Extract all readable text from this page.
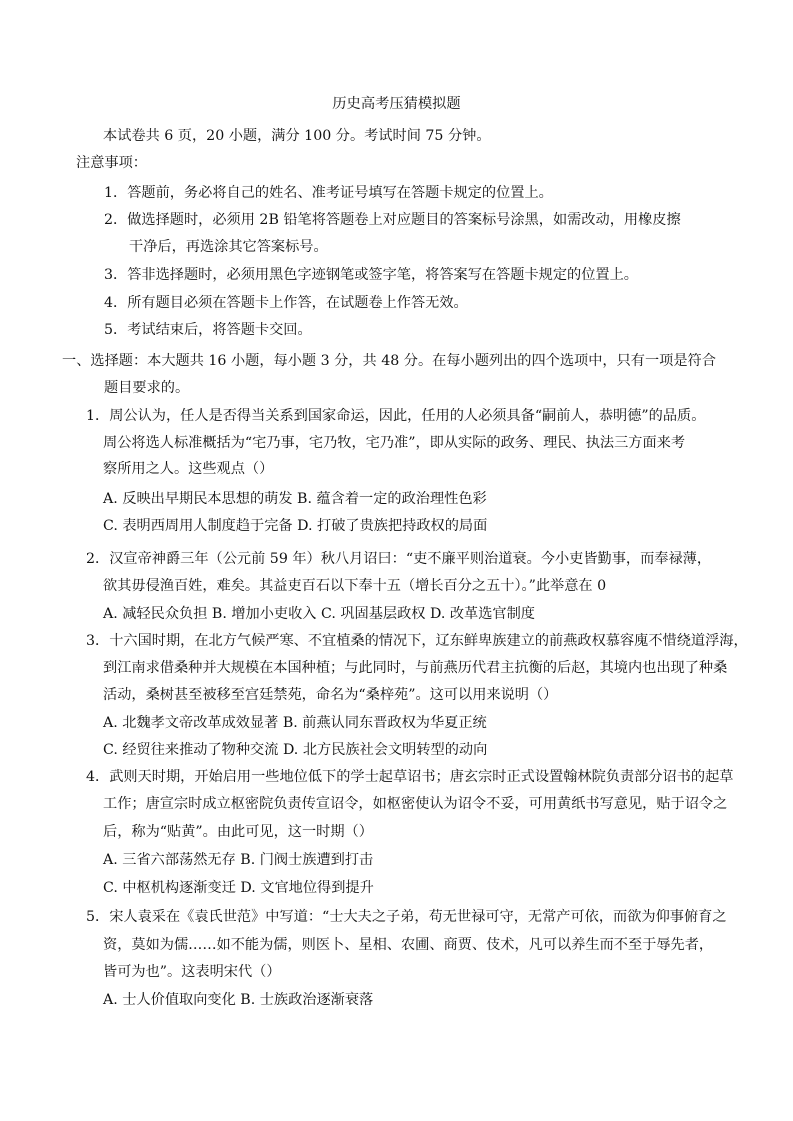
历史高考压猜模拟题
本试卷共 6 页，20 小题，满分 100 分。考试时间 75 分钟。
注意事项：
1．答题前，务必将自己的姓名、准考证号填写在答题卡规定的位置上。
2．做选择题时，必须用 2B 铅笔将答题卷上对应题目的答案标号涂黑，如需改动，用橡皮擦
干净后，再选涂其它答案标号。
3．答非选择题时，必须用黑色字迹钢笔或签字笔，将答案写在答题卡规定的位置上。
4．所有题目必须在答题卡上作答，在试题卷上作答无效。
5．考试结束后，将答题卡交回。
一、选择题：本大题共 16 小题，每小题 3 分，共 48 分。在每小题列出的四个选项中，只有一项是符合
题目要求的。
1．周公认为，任人是否得当关系到国家命运，因此，任用的人必须具备“嗣前人，恭明德”的品质。
周公将选人标准概括为“宅乃事，宅乃牧，宅乃准”，即从实际的政务、理民、执法三方面来考
察所用之人。这些观点（）
A. 反映出早期民本思想的萌发 B. 蕴含着一定的政治理性色彩
C. 表明西周用人制度趋于完备 D. 打破了贵族把持政权的局面
2．汉宣帝神爵三年（公元前 59 年）秋八月诏曰：“吏不廉平则治道衰。今小吏皆勤事，而奉禄薄，
欲其毋侵渔百姓，难矣。其益吏百石以下奉十五（增长百分之五十）。”此举意在 0
A. 减轻民众负担 B. 增加小吏收入 C. 巩固基层政权 D. 改革选官制度
3．十六国时期，在北方气候严寒、不宜植桑的情况下，辽东鲜卑族建立的前燕政权慕容廆不惜绕道浮海，
到江南求借桑种并大规模在本国种植；与此同时，与前燕历代君主抗衡的后赵，其境内也出现了种桑
活动，桑树甚至被移至宫廷禁苑，命名为“桑梓苑”。这可以用来说明（）
A. 北魏孝文帝改革成效显著 B. 前燕认同东晋政权为华夏正统
C. 经贸往来推动了物种交流 D. 北方民族社会文明转型的动向
4．武则天时期，开始启用一些地位低下的学士起草诏书；唐玄宗时正式设置翰林院负责部分诏书的起草
工作；唐宣宗时成立枢密院负责传宣诏令，如枢密使认为诏令不妥，可用黄纸书写意见，贴于诏令之
后，称为“贴黄”。由此可见，这一时期（）
A. 三省六部荡然无存 B. 门阀士族遭到打击
C. 中枢机构逐渐变迁 D. 文官地位得到提升
5．宋人袁采在《袁氏世范》中写道：“士大夫之子弟，苟无世禄可守，无常产可依，而欲为仰事俯育之
资，莫如为儒……如不能为儒，则医卜、星相、农圃、商贾、伎术，凡可以养生而不至于辱先者，
皆可为也”。这表明宋代（）
A. 士人价值取向变化 B. 士族政治逐渐衰落
